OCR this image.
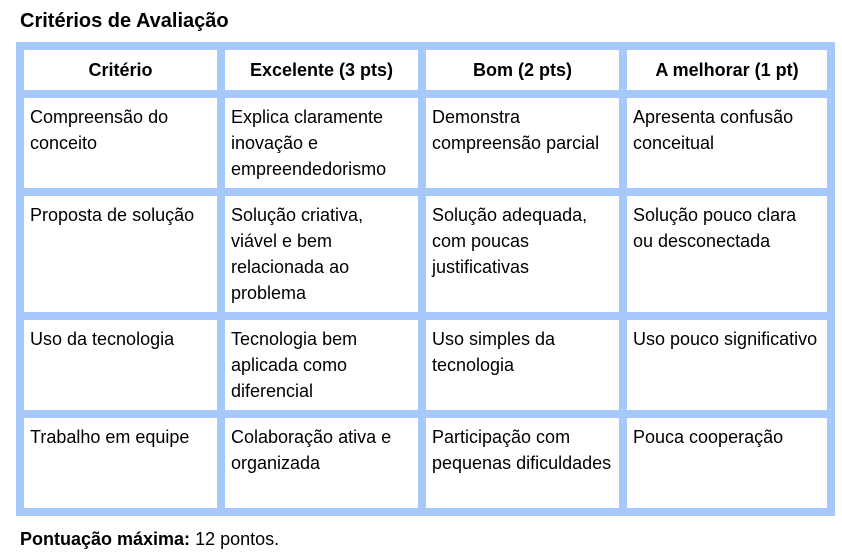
Critérios de Avaliação
Critério	Excelente (3 pts)	Bom (2 pts)	A melhorar (1 pt)
Compreensão do conceito	Explica claramente inovação e empreendedorismo	Demonstra compreensão parcial	Apresenta confusão conceitual
Proposta de solução	Solução criativa, viável e bem relacionada ao problema	Solução adequada, com poucas justificativas	Solução pouco clara ou desconectada
Uso da tecnologia	Tecnologia bem aplicada como diferencial	Uso simples da tecnologia	Uso pouco significativo
Trabalho em equipe	Colaboração ativa e organizada	Participação com pequenas dificuldades	Pouca cooperação
Pontuação máxima: 12 pontos.
